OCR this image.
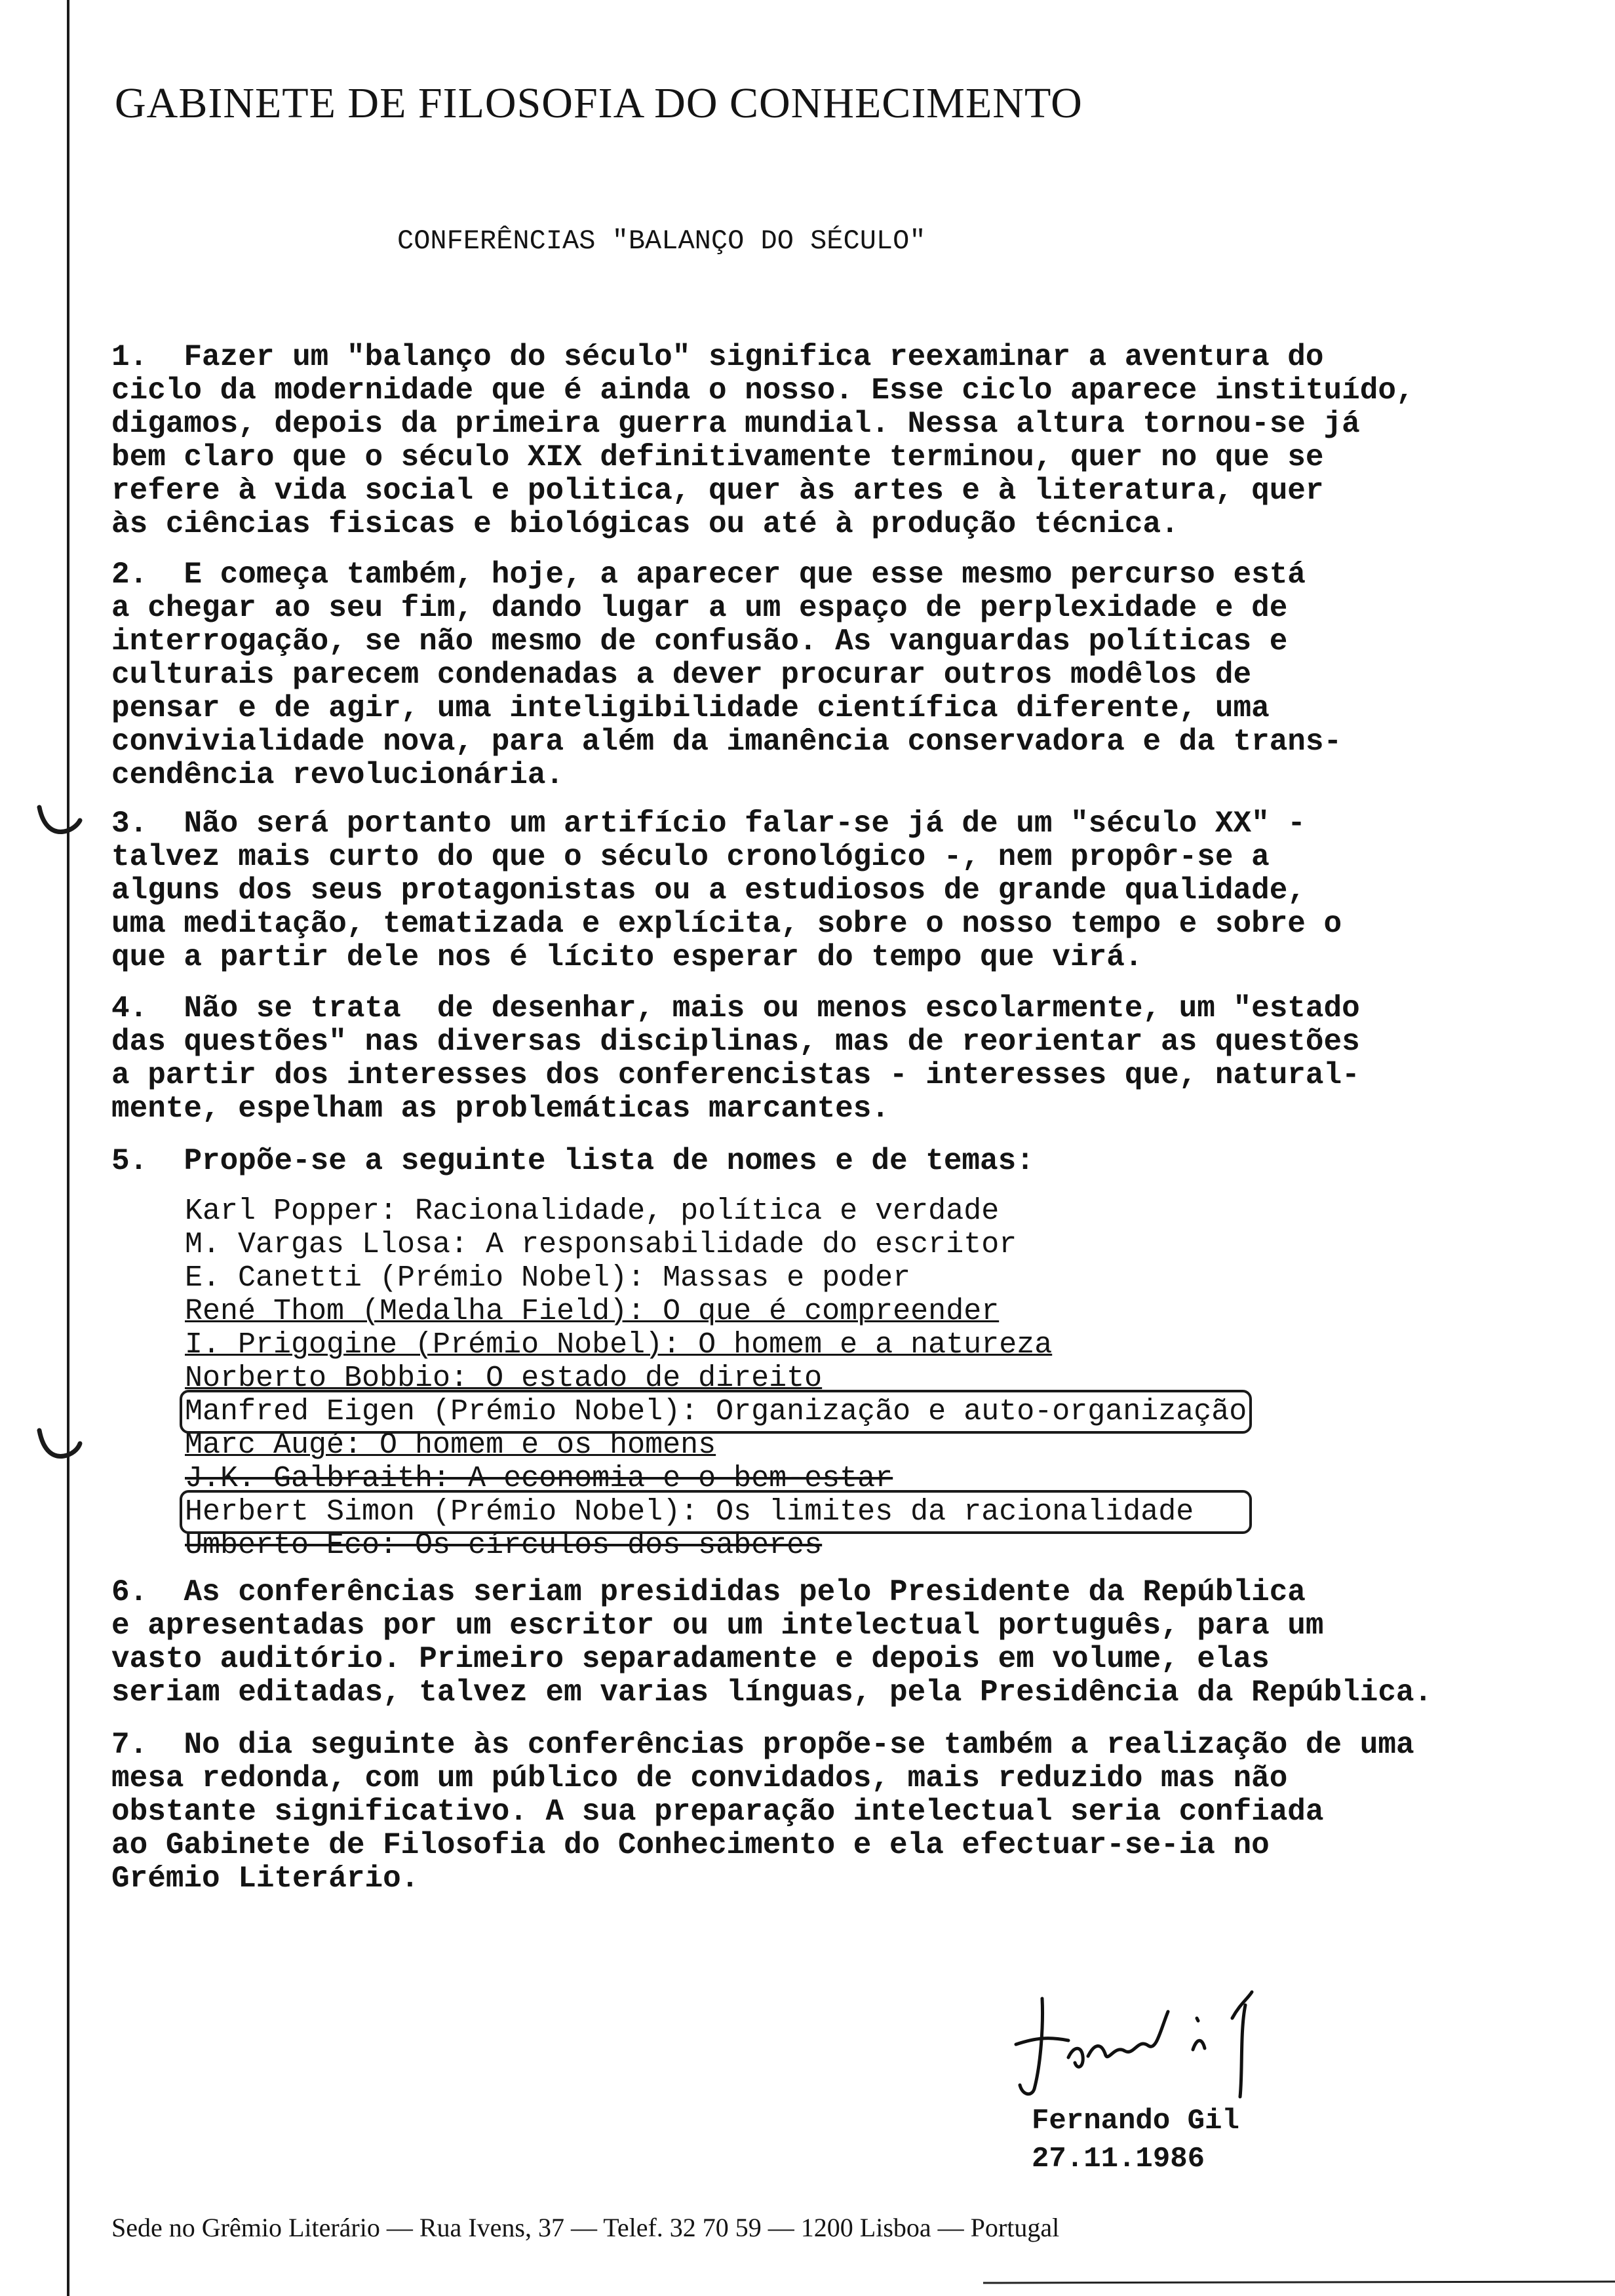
GABINETE DE FILOSOFIA DO CONHECIMENTO
CONFERÊNCIAS "BALANÇO DO SÉCULO"
1. Fazer um "balanço do século" significa reexaminar a aventura do
ciclo da modernidade que é ainda o nosso. Esse ciclo aparece instituído,
digamos, depois da primeira guerra mundial. Nessa altura tornou-se já
bem claro que o século XIX definitivamente terminou, quer no que se
refere à vida social e politica, quer às artes e à literatura, quer
às ciências fisicas e biológicas ou até à produção técnica.
2. E começa também, hoje, a aparecer que esse mesmo percurso está
a chegar ao seu fim, dando lugar a um espaço de perplexidade e de
interrogação, se não mesmo de confusão. As vanguardas políticas e
culturais parecem condenadas a dever procurar outros modêlos de
pensar e de agir, uma inteligibilidade científica diferente, uma
convivialidade nova, para além da imanência conservadora e da trans-
cendência revolucionária.
3. Não será portanto um artifício falar-se já de um "século XX" -
talvez mais curto do que o século cronológico -, nem propôr-se a
alguns dos seus protagonistas ou a estudiosos de grande qualidade,
uma meditação, tematizada e explícita, sobre o nosso tempo e sobre o
que a partir dele nos é lícito esperar do tempo que virá.
4. Não se trata  de desenhar, mais ou menos escolarmente, um "estado
das questões" nas diversas disciplinas, mas de reorientar as questões
a partir dos interesses dos conferencistas - interesses que, natural-
mente, espelham as problemáticas marcantes.
5. Propõe-se a seguinte lista de nomes e de temas:
Karl Popper: Racionalidade, política e verdade
M. Vargas Llosa: A responsabilidade do escritor
E. Canetti (Prémio Nobel): Massas e poder
René Thom (Medalha Field): O que é compreender
I. Prigogine (Prémio Nobel): O homem e a natureza
Norberto Bobbio: O estado de direito
Manfred Eigen (Prémio Nobel): Organização e auto-organização
Marc Augé: O homem e os homens
J.K. Galbraith: A economia e o bem-estar
Herbert Simon (Prémio Nobel): Os limites da racionalidade
Umberto Eco: Os círculos dos saberes
6. As conferências seriam presididas pelo Presidente da República
e apresentadas por um escritor ou um intelectual português, para um
vasto auditório. Primeiro separadamente e depois em volume, elas
seriam editadas, talvez em varias línguas, pela Presidência da República.
7. No dia seguinte às conferências propõe-se também a realização de uma
mesa redonda, com um público de convidados, mais reduzido mas não
obstante significativo. A sua preparação intelectual seria confiada
ao Gabinete de Filosofia do Conhecimento e ela efectuar-se-ia no
Grémio Literário.
Fernando Gil
27.11.1986
Sede no Grêmio Literário — Rua Ivens, 37 — Telef. 32 70 59 — 1200 Lisboa — Portugal
